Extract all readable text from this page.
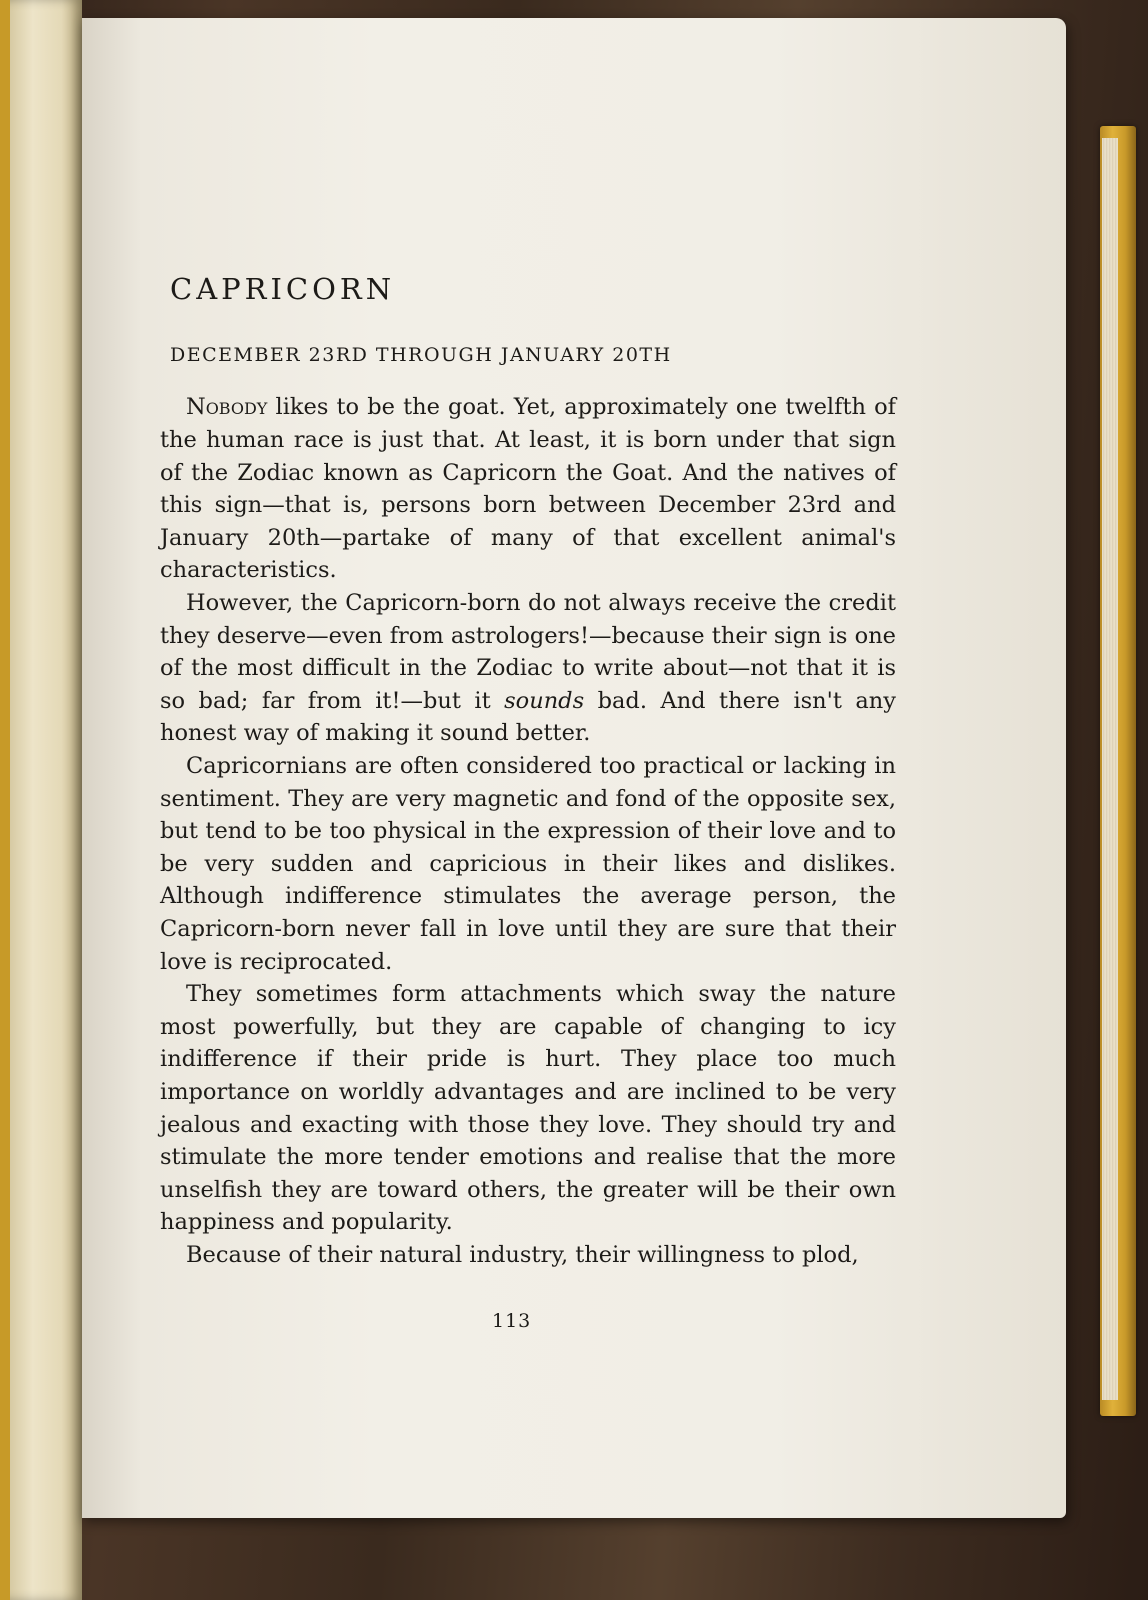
CAPRICORN
DECEMBER 23RD THROUGH JANUARY 20TH

Nobody likes to be the goat. Yet, approximately one twelfth of the human race is just that. At least, it is born under that sign of the Zodiac known as Capricorn the Goat. And the natives of this sign—that is, persons born between December 23rd and January 20th—partake of many of that excellent animal's characteristics.

However, the Capricorn-born do not always receive the credit they deserve—even from astrologers!—because their sign is one of the most difficult in the Zodiac to write about—not that it is so bad; far from it!—but it sounds bad. And there isn't any honest way of making it sound better.

Capricornians are often considered too practical or lacking in sentiment. They are very magnetic and fond of the opposite sex, but tend to be too physical in the expression of their love and to be very sudden and capricious in their likes and dislikes. Although indifference stimulates the average person, the Capricorn-born never fall in love until they are sure that their love is reciprocated.

They sometimes form attachments which sway the nature most powerfully, but they are capable of changing to icy indifference if their pride is hurt. They place too much importance on worldly advantages and are inclined to be very jealous and exacting with those they love. They should try and stimulate the more tender emotions and realise that the more unselfish they are toward others, the greater will be their own happiness and popularity.

Because of their natural industry, their willingness to plod,

113
